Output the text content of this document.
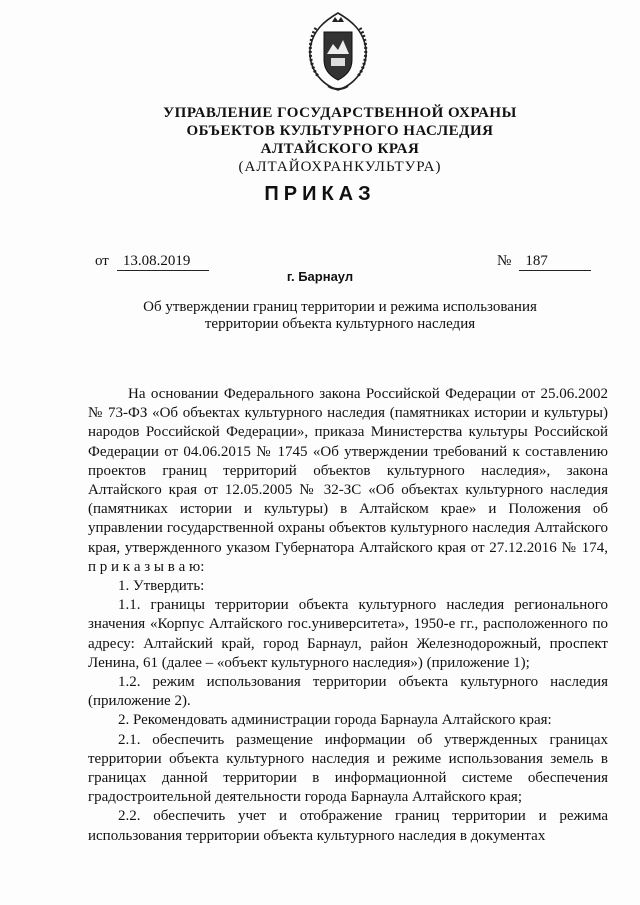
УПРАВЛЕНИЕ ГОСУДАРСТВЕННОЙ ОХРАНЫ
ОБЪЕКТОВ КУЛЬТУРНОГО НАСЛЕДИЯ
АЛТАЙСКОГО КРАЯ
(АЛТАЙОХРАНКУЛЬТУРА)
ПРИКАЗ
от 13.08.2019	№ 187
г. Барнаул
Об утверждении границ территории и режима использования
территории объекта культурного наследия

На основании Федерального закона Российской Федерации от 25.06.2002 № 73-ФЗ «Об объектах культурного наследия (памятниках истории и культуры) народов Российской Федерации», приказа Министерства культуры Российской Федерации от 04.06.2015 № 1745 «Об утверждении требований к составлению проектов границ территорий объектов культурного наследия», закона Алтайского края от 12.05.2005 № 32-ЗС «Об объектах культурного наследия (памятниках истории и культуры) в Алтайском крае» и Положения об управлении государственной охраны объектов культурного наследия Алтайского края, утвержденного указом Губернатора Алтайского края от 27.12.2016 № 174, п р и к а з ы в а ю:

1. Утвердить:

1.1. границы территории объекта культурного наследия регионального значения «Корпус Алтайского гос.университета», 1950-е гг., расположенного по адресу: Алтайский край, город Барнаул, район Железнодорожный, проспект Ленина, 61 (далее – «объект культурного наследия») (приложение 1);

1.2. режим использования территории объекта культурного наследия (приложение 2).

2. Рекомендовать администрации города Барнаула Алтайского края:

2.1. обеспечить размещение информации об утвержденных границах территории объекта культурного наследия и режиме использования земель в границах данной территории в информационной системе обеспечения градостроительной деятельности города Барнаула Алтайского края;

2.2. обеспечить учет и отображение границ территории и режима использования территории объекта культурного наследия в документах
